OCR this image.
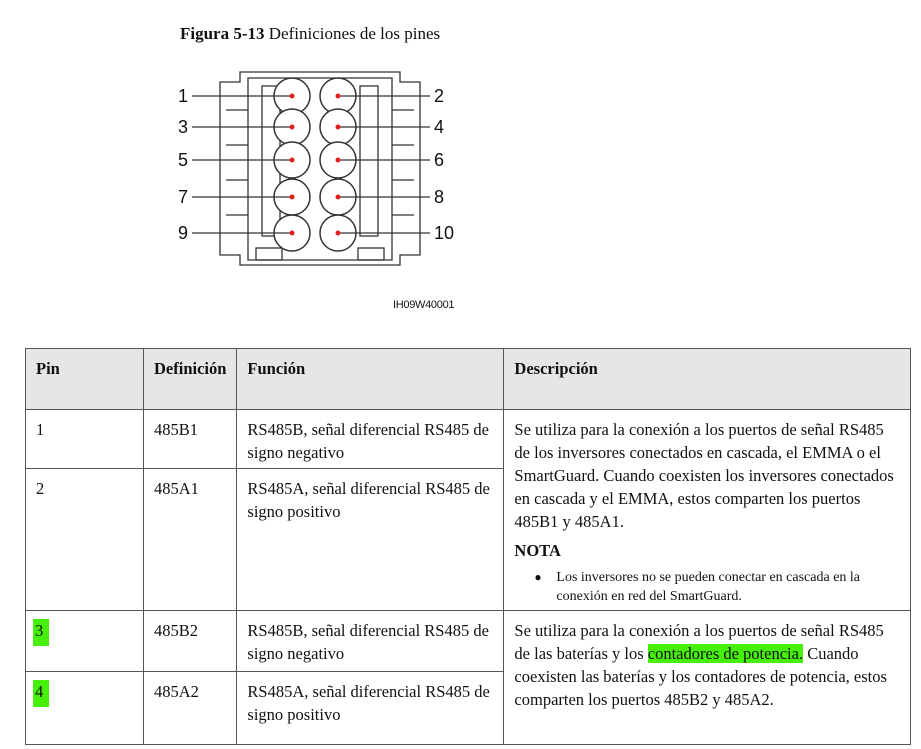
Figura 5-13 Definiciones de los pines
1	2
3	4
5	6
7	8
9	10
IH09W40001
Pin	Definición	Función	Descripción
1	485B1	RS485B, señal diferencial RS485 de signo negativo	Se utiliza para la conexión a los puertos de señal RS485 de los inversores conectados en cascada, el EMMA o el SmartGuard. Cuando coexisten los inversores conectados en cascada y el EMMA, estos comparten los puertos 485B1 y 485A1.
NOTA
● Los inversores no se pueden conectar en cascada en la conexión en red del SmartGuard.

2	485A1	RS485A, señal diferencial RS485 de signo positivo	
3	485B2	RS485B, señal diferencial RS485 de signo negativo	Se utiliza para la conexión a los puertos de señal RS485 de las baterías y los contadores de potencia. Cuando coexisten las baterías y los contadores de potencia, estos comparten los puertos 485B2 y 485A2.
4	485A2	RS485A, señal diferencial RS485 de signo positivo	
